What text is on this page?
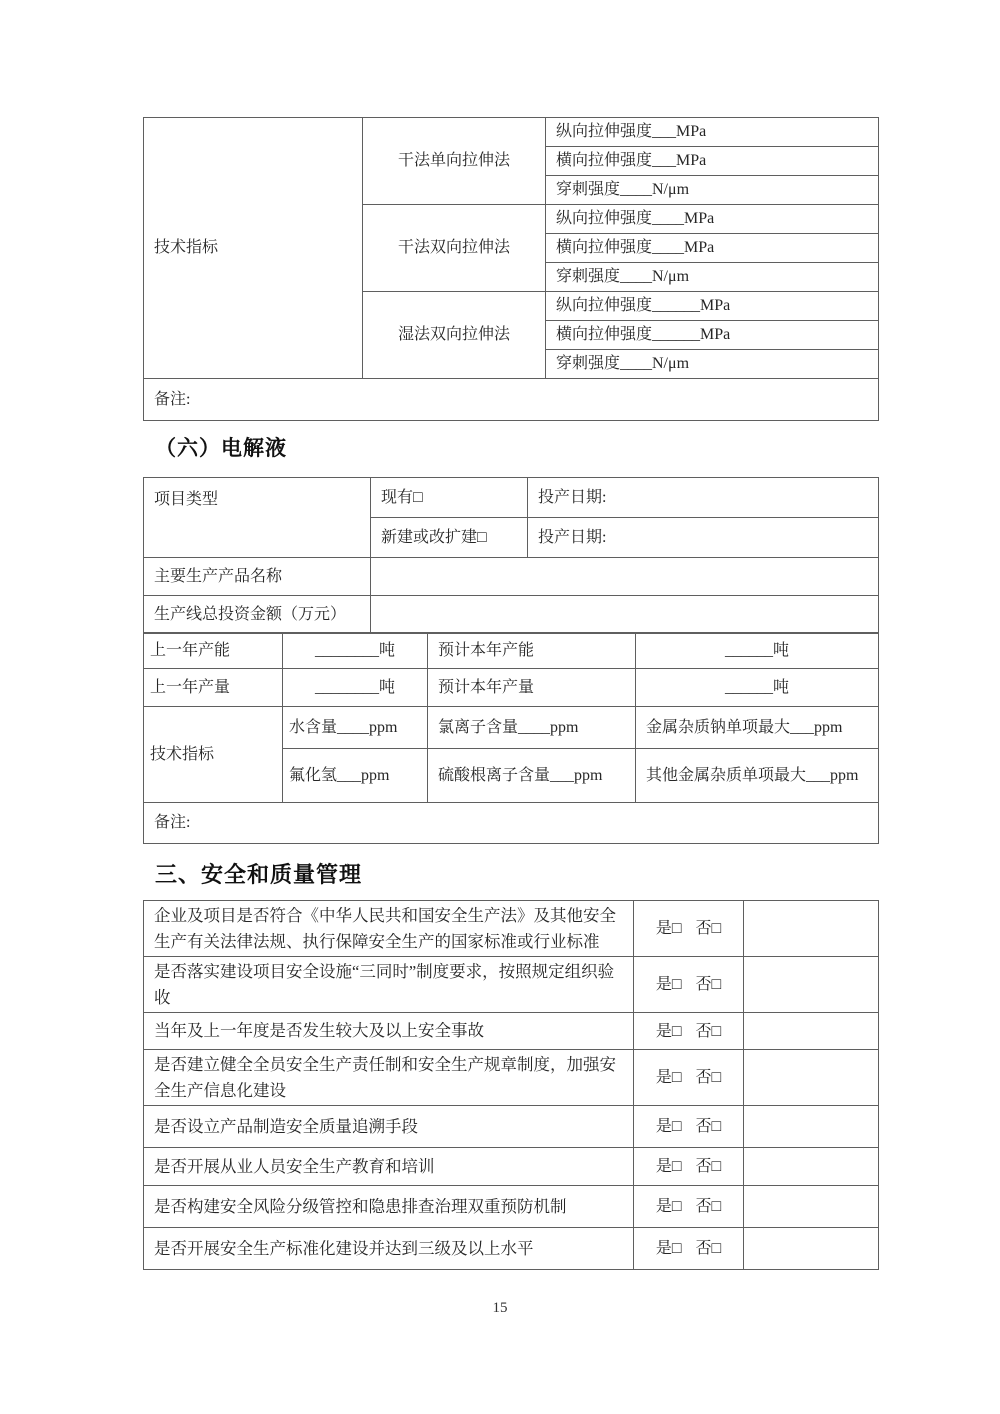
技术指标	干法单向拉伸法	纵向拉伸强度___MPa
		横向拉伸强度___MPa
		穿刺强度____N/μm
	干法双向拉伸法	纵向拉伸强度____MPa
		横向拉伸强度____MPa
		穿刺强度____N/μm
	湿法双向拉伸法	纵向拉伸强度______MPa
		横向拉伸强度______MPa
		穿刺强度____N/μm
备注:		
（六）电解液
项目类型	现有□	投产日期:
	新建或改扩建□	投产日期:
主要生产产品名称		
生产线总投资金额（万元）		
上一年产能	________吨	预计本年产能	______吨
上一年产量	________吨	预计本年产量	______吨
技术指标	水含量____ppm	氯离子含量____ppm	金属杂质钠单项最大___ppm
	氟化氢___ppm	硫酸根离子含量___ppm	其他金属杂质单项最大___ppm
备注:			
三、安全和质量管理
企业及项目是否符合《中华人民共和国安全生产法》及其他安全生产有关法律法规、执行保障安全生产的国家标准或行业标准	是□ 否□	
是否落实建设项目安全设施“三同时”制度要求，按照规定组织验收	是□ 否□	
当年及上一年度是否发生较大及以上安全事故	是□ 否□	
是否建立健全全员安全生产责任制和安全生产规章制度，加强安全生产信息化建设	是□ 否□	
是否设立产品制造安全质量追溯手段	是□ 否□	
是否开展从业人员安全生产教育和培训	是□ 否□	
是否构建安全风险分级管控和隐患排查治理双重预防机制	是□ 否□	
是否开展安全生产标准化建设并达到三级及以上水平	是□ 否□	
15
